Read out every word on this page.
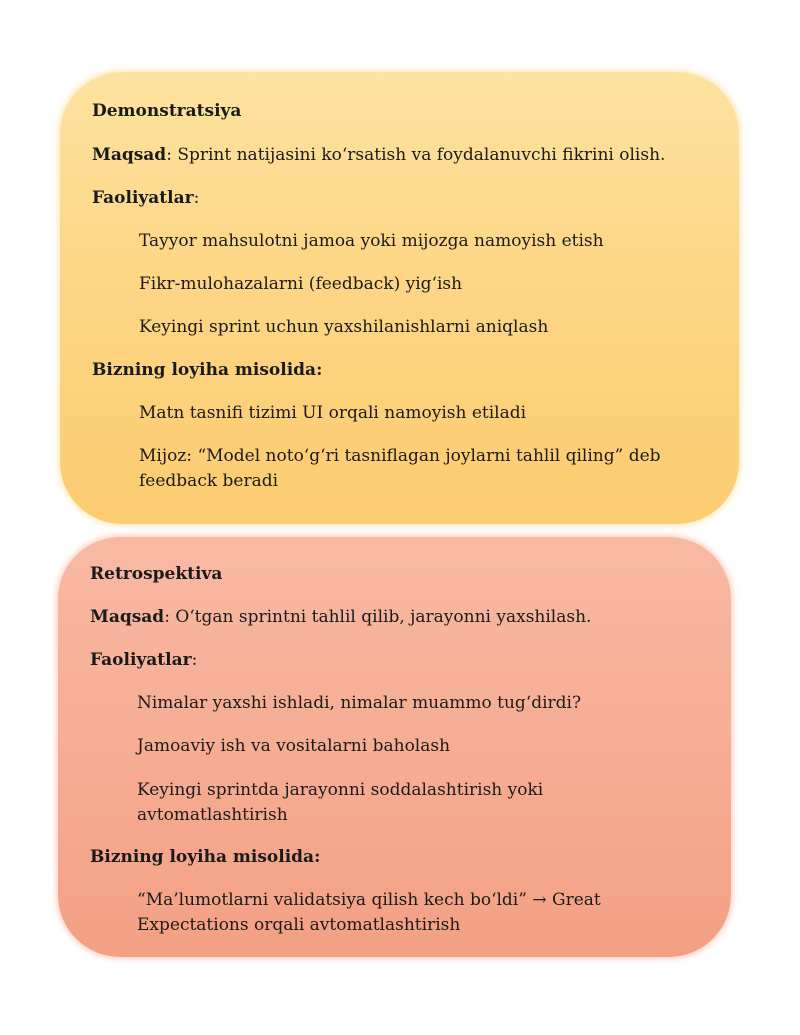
Demonstratsiya

Maqsad: Sprint natijasini ko‘rsatish va foydalanuvchi fikrini olish.

Faoliyatlar:

Tayyor mahsulotni jamoa yoki mijozga namoyish etish

Fikr-mulohazalarni (feedback) yig‘ish

Keyingi sprint uchun yaxshilanishlarni aniqlash

Bizning loyiha misolida:

Matn tasnifi tizimi UI orqali namoyish etiladi

Mijoz: “Model noto‘g‘ri tasniflagan joylarni tahlil qiling” deb feedback beradi

Retrospektiva

Maqsad: O‘tgan sprintni tahlil qilib, jarayonni yaxshilash.

Faoliyatlar:

Nimalar yaxshi ishladi, nimalar muammo tug‘dirdi?

Jamoaviy ish va vositalarni baholash

Keyingi sprintda jarayonni soddalashtirish yoki avtomatlashtirish

Bizning loyiha misolida:

“Ma’lumotlarni validatsiya qilish kech bo‘ldi” → Great Expectations orqali avtomatlashtirish
